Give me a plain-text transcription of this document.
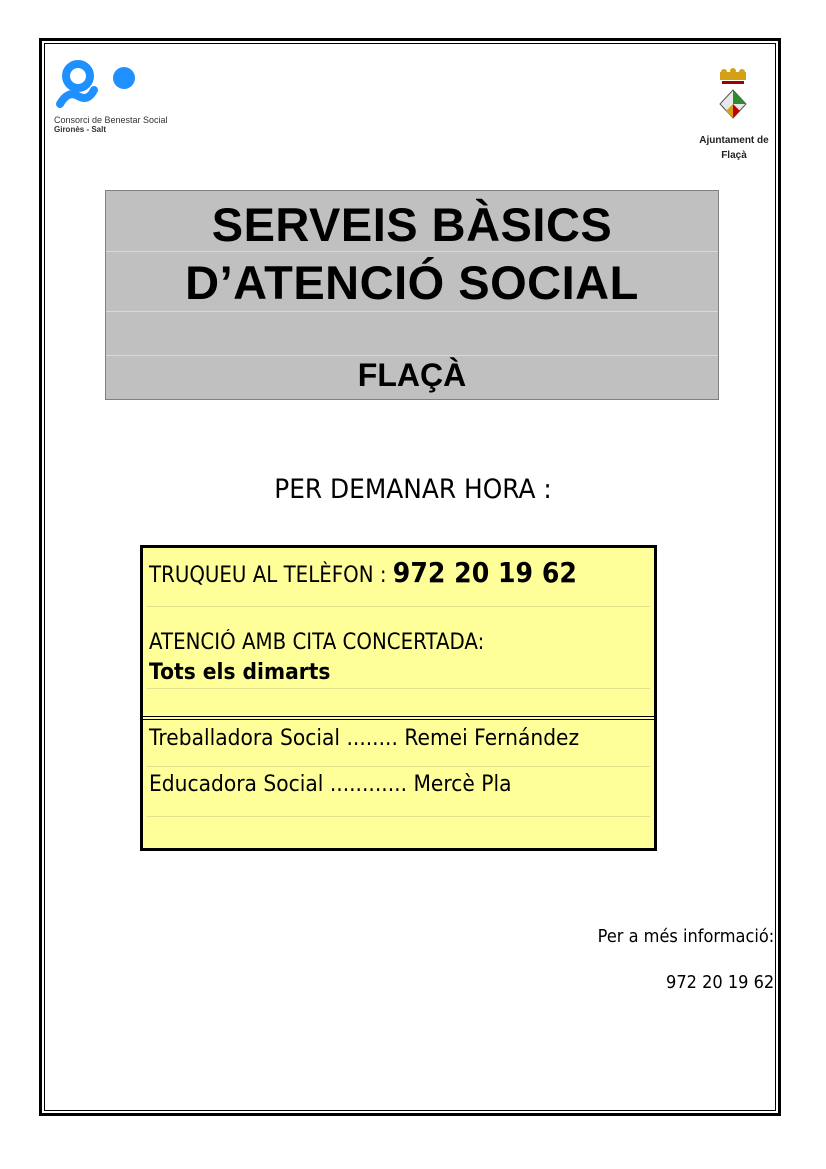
Consorci de Benestar Social
Gironès - Salt
Ajuntament de
Flaçà
SERVEIS BÀSICS
D’ATENCIÓ SOCIAL
FLAÇÀ
PER DEMANAR HORA :
TRUQUEU AL TELÈFON : 972 20 19 62
ATENCIÓ AMB CITA CONCERTADA:
Tots els dimarts
Treballadora Social ........ Remei Fernández
Educadora Social ............ Mercè Pla
Per a més informació:
972 20 19 62
